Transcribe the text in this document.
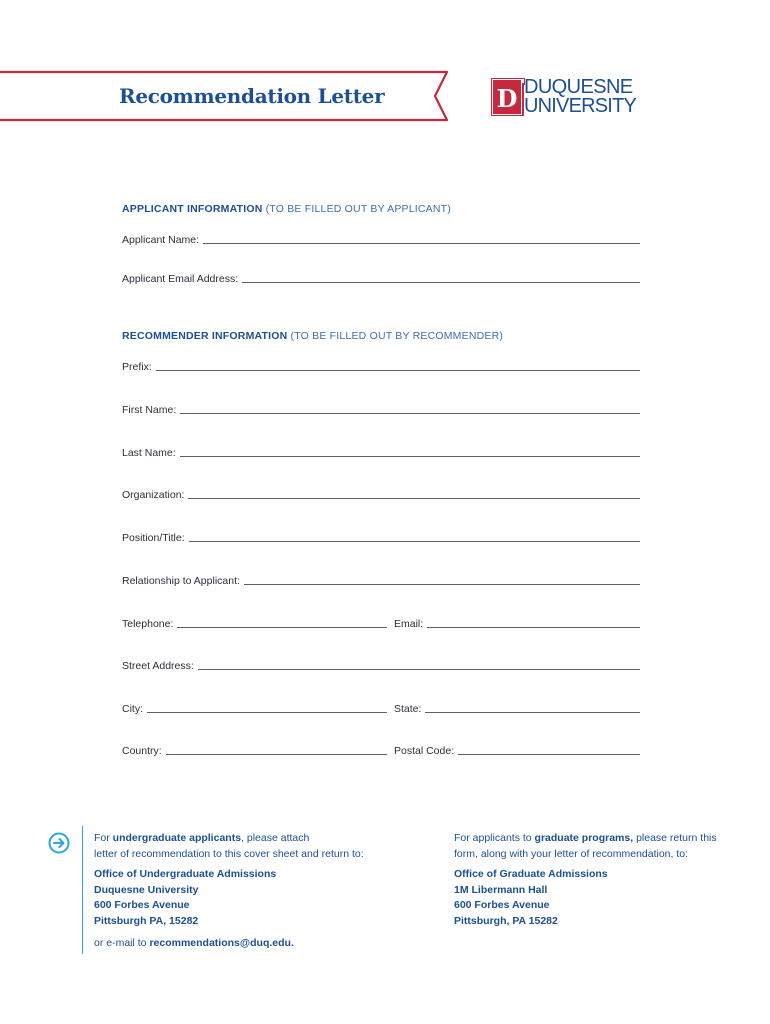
Recommendation Letter	D DUQUESNE
UNIVERSITY
APPLICANT INFORMATION (TO BE FILLED OUT BY APPLICANT)
Applicant Name:
Applicant Email Address:
RECOMMENDER INFORMATION (TO BE FILLED OUT BY RECOMMENDER)
Prefix:
First Name:
Last Name:
Organization:
Position/Title:
Relationship to Applicant:
Telephone:	Email:
Street Address:
City:	State:
Country:	Postal Code:
For undergraduate applicants, please attach
letter of recommendation to this cover sheet and return to:
Office of Undergraduate Admissions
Duquesne University
600 Forbes Avenue
Pittsburgh PA, 15282
or e-mail to recommendations@duq.edu.
For applicants to graduate programs, please return this
form, along with your letter of recommendation, to:
Office of Graduate Admissions
1M Libermann Hall
600 Forbes Avenue
Pittsburgh, PA 15282
